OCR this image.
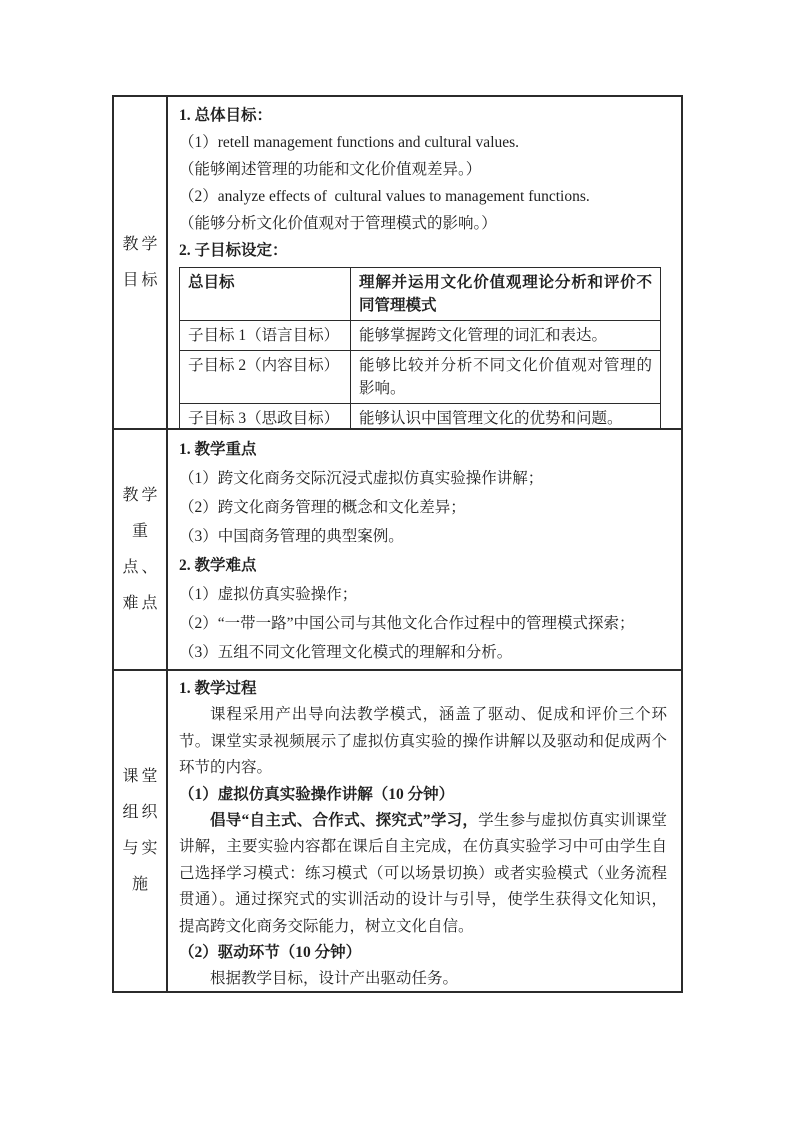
教学
目标
1. 总体目标：
（1）retell management functions and cultural values.
（能够阐述管理的功能和文化价值观差异。）
（2）analyze effects of  cultural values to management functions.
（能够分析文化价值观对于管理模式的影响。）
2. 子目标设定：
总目标	理解并运用文化价值观理论分析和评价不同管理模式
子目标 1（语言目标）	能够掌握跨文化管理的词汇和表达。
子目标 2（内容目标）	能够比较并分析不同文化价值观对管理的影响。
子目标 3（思政目标）	能够认识中国管理文化的优势和问题。
教学
重
点、
难点
1. 教学重点
（1）跨文化商务交际沉浸式虚拟仿真实验操作讲解；
（2）跨文化商务管理的概念和文化差异；
（3）中国商务管理的典型案例。
2. 教学难点
（1）虚拟仿真实验操作；
（2）“一带一路”中国公司与其他文化合作过程中的管理模式探索；
（3）五组不同文化管理文化模式的理解和分析。
课堂
组织
与实
施
1. 教学过程

课程采用产出导向法教学模式，涵盖了驱动、促成和评价三个环节。课堂实录视频展示了虚拟仿真实验的操作讲解以及驱动和促成两个环节的内容。

（1）虚拟仿真实验操作讲解（10 分钟）

倡导“自主式、合作式、探究式”学习，学生参与虚拟仿真实训课堂讲解，主要实验内容都在课后自主完成，在仿真实验学习中可由学生自己选择学习模式：练习模式（可以场景切换）或者实验模式（业务流程贯通）。通过探究式的实训活动的设计与引导，使学生获得文化知识，提高跨文化商务交际能力，树立文化自信。

（2）驱动环节（10 分钟）

根据教学目标，设计产出驱动任务。
